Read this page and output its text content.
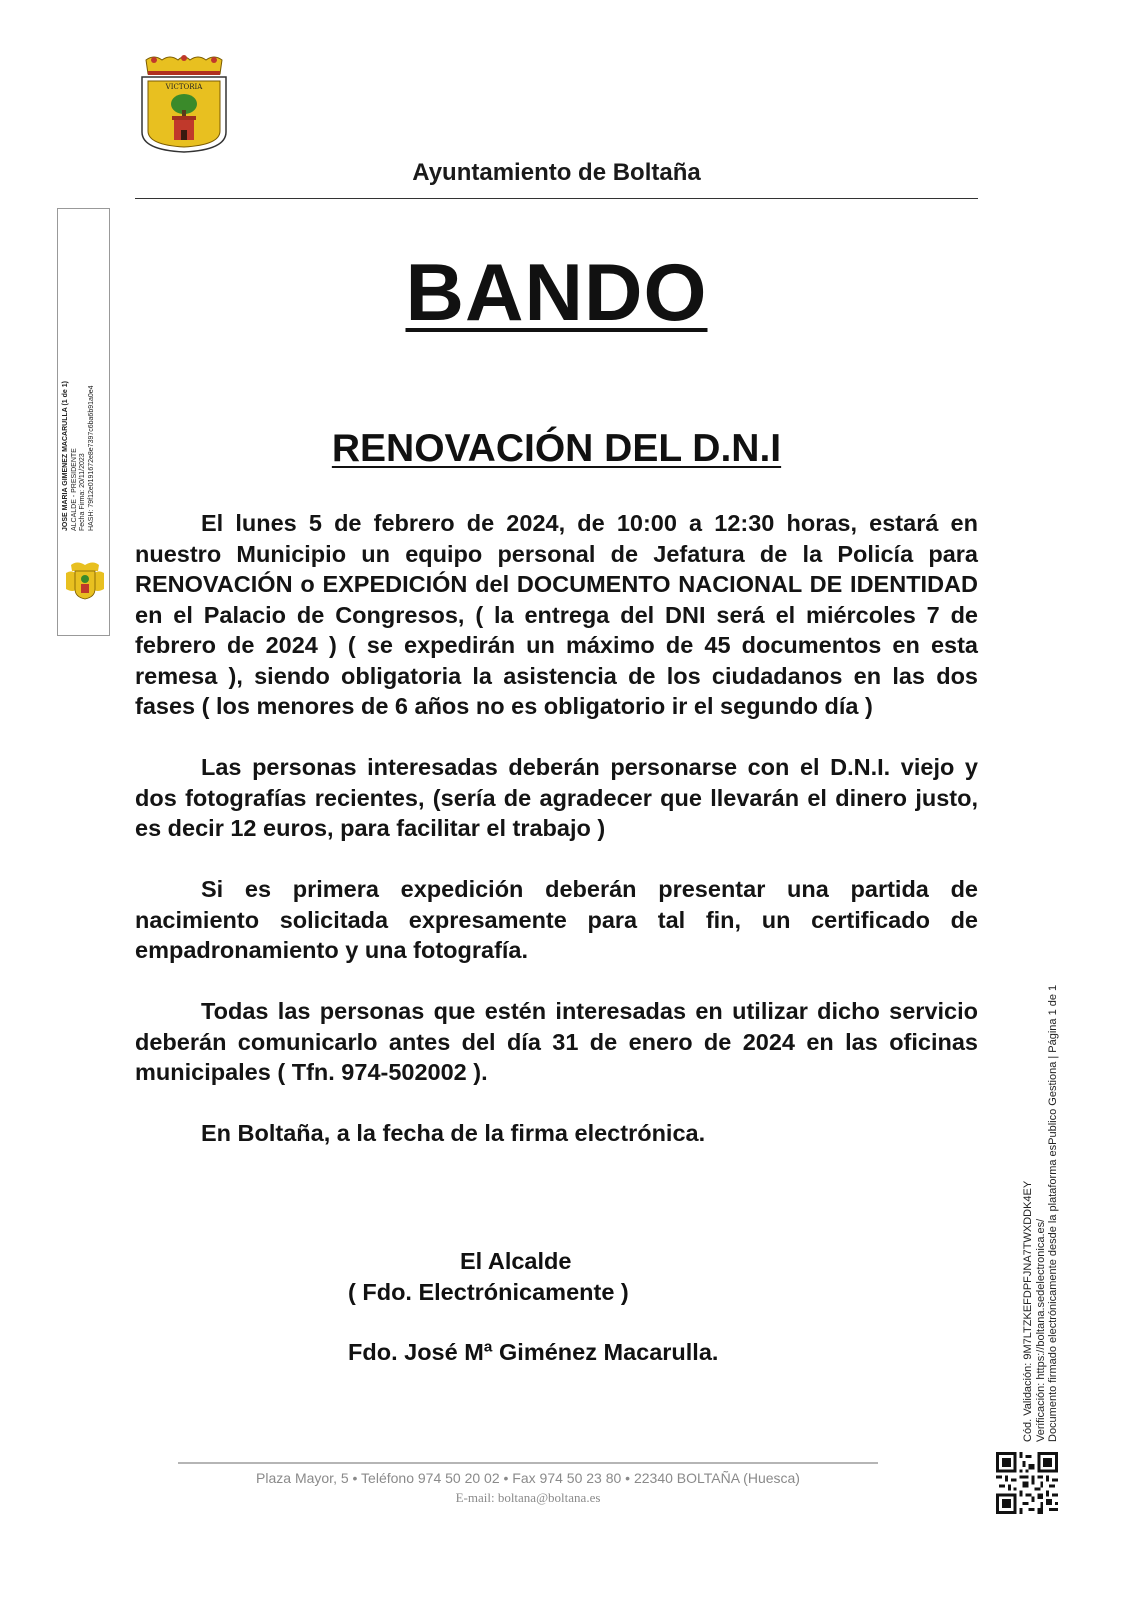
VICTORIA
Ayuntamiento de Boltaña
BANDO
RENOVACIÓN DEL D.N.I

El lunes 5 de febrero de 2024, de 10:00 a 12:30 horas, estará en nuestro Municipio un equipo personal de Jefatura de la Policía para RENOVACIÓN o EXPEDICIÓN del DOCUMENTO NACIONAL DE IDENTIDAD en el Palacio de Congresos, ( la entrega del DNI será el miércoles 7 de febrero de 2024 ) ( se expedirán un máximo de 45 documentos en esta remesa ), siendo obligatoria la asistencia de los ciudadanos en las dos fases ( los menores de 6 años no es obligatorio ir el segundo día )

Las personas interesadas deberán personarse con el D.N.I. viejo y dos fotografías recientes, (sería de agradecer que llevarán el dinero justo, es decir 12 euros, para facilitar el trabajo )

Si es primera expedición deberán presentar una partida de nacimiento solicitada expresamente para tal fin, un certificado de empadronamiento y una fotografía.

Todas las personas que estén interesadas en utilizar dicho servicio deberán comunicarlo antes del día 31 de enero de 2024 en las oficinas municipales ( Tfn. 974-502002 ).

En Boltaña, a la fecha de la firma electrónica.

El Alcalde
( Fdo. Electrónicamente )
Fdo. José Mª Giménez Macarulla.
JOSE MARIA GIMENEZ MACARULLA (1 de 1) ALCALDE - PRESIDENTE Fecha Firma: 20/11/2023 HASH: 79f12e0191672e8e7397c6ba6b91a0e4
Cód. Validación: 9M7LTZKEFDPFJNA7TWXDDK4EY Verificación: https://boltana.sedelectronica.es/ Documento firmado electrónicamente desde la plataforma esPublico Gestiona | Página 1 de 1
Plaza Mayor, 5 • Teléfono 974 50 20 02 • Fax 974 50 23 80 • 22340 BOLTAÑA (Huesca)
E-mail: boltana@boltana.es
